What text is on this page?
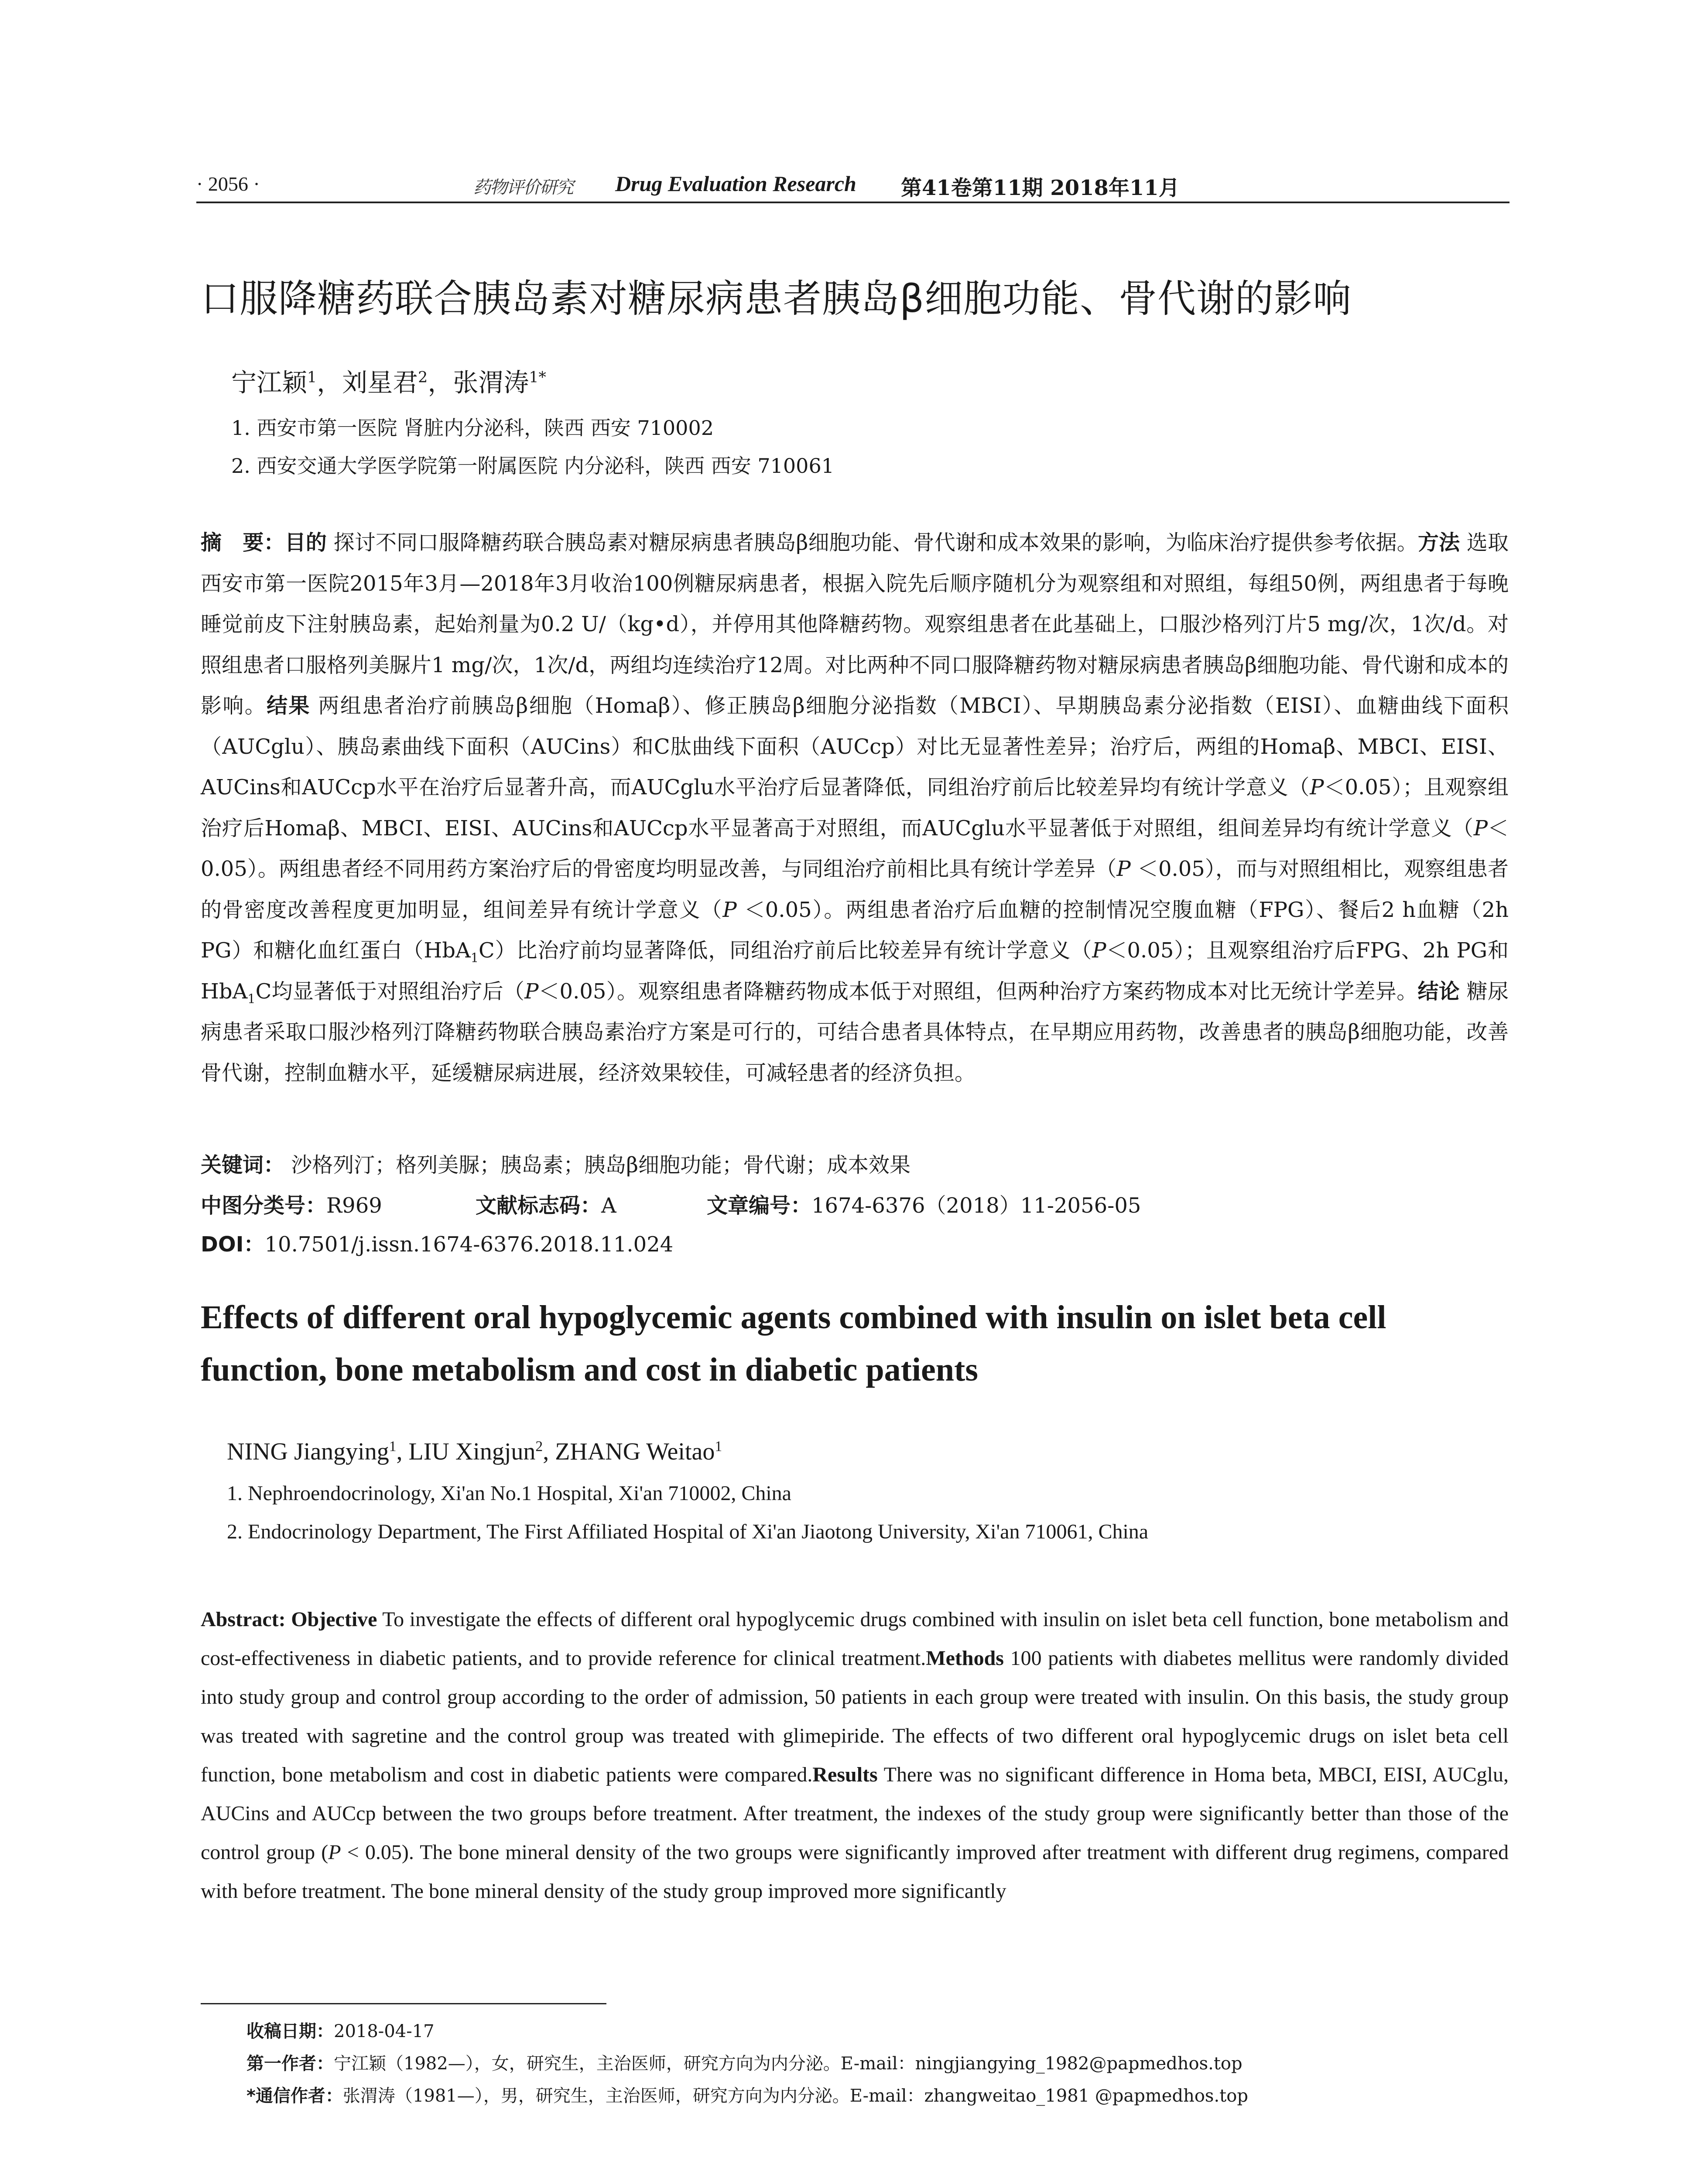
· 2056 ·	药物评价研究 Drug Evaluation Research 第41卷第11期 2018年11月
口服降糖药联合胰岛素对糖尿病患者胰岛β细胞功能、骨代谢的影响
宁江颖$^1$，刘星君$^2$，张渭涛$^{1*}$
1. 西安市第一医院 肾脏内分泌科，陕西 西安 710002
2. 西安交通大学医学院第一附属医院 内分泌科，陕西 西安 710061

摘　要：目的 探讨不同口服降糖药联合胰岛素对糖尿病患者胰岛β细胞功能、骨代谢和成本效果的影响，为临床治疗提供参考依据。方法 选取西安市第一医院2015年3月—2018年3月收治100例糖尿病患者，根据入院先后顺序随机分为观察组和对照组，每组50例，两组患者于每晚睡觉前皮下注射胰岛素，起始剂量为0.2 U/（kg•d），并停用其他降糖药物。观察组患者在此基础上，口服沙格列汀片5 mg/次，1次/d。对照组患者口服格列美脲片1 mg/次，1次/d，两组均连续治疗12周。对比两种不同口服降糖药物对糖尿病患者胰岛β细胞功能、骨代谢和成本的影响。结果 两组患者治疗前胰岛β细胞（Homaβ）、修正胰岛β细胞分泌指数（MBCI）、早期胰岛素分泌指数（EISI）、血糖曲线下面积（AUCglu）、胰岛素曲线下面积（AUCins）和C肽曲线下面积（AUCcp）对比无显著性差异；治疗后，两组的Homaβ、MBCI、EISI、AUCins和AUCcp水平在治疗后显著升高，而AUCglu水平治疗后显著降低，同组治疗前后比较差异均有统计学意义（P＜0.05）；且观察组治疗后Homaβ、MBCI、EISI、AUCins和AUCcp水平显著高于对照组，而AUCglu水平显著低于对照组，组间差异均有统计学意义（P＜0.05）。两组患者经不同用药方案治疗后的骨密度均明显改善，与同组治疗前相比具有统计学差异（P ＜0.05），而与对照组相比，观察组患者的骨密度改善程度更加明显，组间差异有统计学意义（P ＜0.05）。两组患者治疗后血糖的控制情况空腹血糖（FPG）、餐后2 h血糖（2h PG）和糖化血红蛋白（HbA$_1$C）比治疗前均显著降低，同组治疗前后比较差异有统计学意义（P＜0.05）；且观察组治疗后FPG、2h PG和HbA$_1$C均显著低于对照组治疗后（P＜0.05）。观察组患者降糖药物成本低于对照组，但两种治疗方案药物成本对比无统计学差异。结论 糖尿病患者采取口服沙格列汀降糖药物联合胰岛素治疗方案是可行的，可结合患者具体特点，在早期应用药物，改善患者的胰岛β细胞功能，改善骨代谢，控制血糖水平，延缓糖尿病进展，经济效果较佳，可减轻患者的经济负担。

关键词： 沙格列汀；格列美脲；胰岛素；胰岛β细胞功能；骨代谢；成本效果
中图分类号：R969	文献标志码：A	文章编号：1674-6376（2018）11-2056-05
DOI：10.7501/j.issn.1674-6376.2018.11.024

Effects of different oral hypoglycemic agents combined with insulin on islet beta cell function, bone metabolism and cost in diabetic patients

NING Jiangying$^1$, LIU Xingjun$^2$, ZHANG Weitao$^1$
1. Nephroendocrinology, Xi'an No.1 Hospital, Xi'an 710002, China
2. Endocrinology Department, The First Affiliated Hospital of Xi'an Jiaotong University, Xi'an 710061, China

Abstract: Objective To investigate the effects of different oral hypoglycemic drugs combined with insulin on islet beta cell function, bone metabolism and cost-effectiveness in diabetic patients, and to provide reference for clinical treatment.Methods 100 patients with diabetes mellitus were randomly divided into study group and control group according to the order of admission, 50 patients in each group were treated with insulin. On this basis, the study group was treated with sagretine and the control group was treated with glimepiride. The effects of two different oral hypoglycemic drugs on islet beta cell function, bone metabolism and cost in diabetic patients were compared.Results There was no significant difference in Homa beta, MBCI, EISI, AUCglu, AUCins and AUCcp between the two groups before treatment. After treatment, the indexes of the study group were significantly better than those of the control group (P < 0.05). The bone mineral density of the two groups were significantly improved after treatment with different drug regimens, compared with before treatment. The bone mineral density of the study group improved more significantly

收稿日期：2018-04-17
第一作者：宁江颖（1982—），女，研究生，主治医师，研究方向为内分泌。E-mail：ningjiangying_1982@papmedhos.top
*通信作者：张渭涛（1981—），男，研究生，主治医师，研究方向为内分泌。E-mail：zhangweitao_1981 @papmedhos.top
